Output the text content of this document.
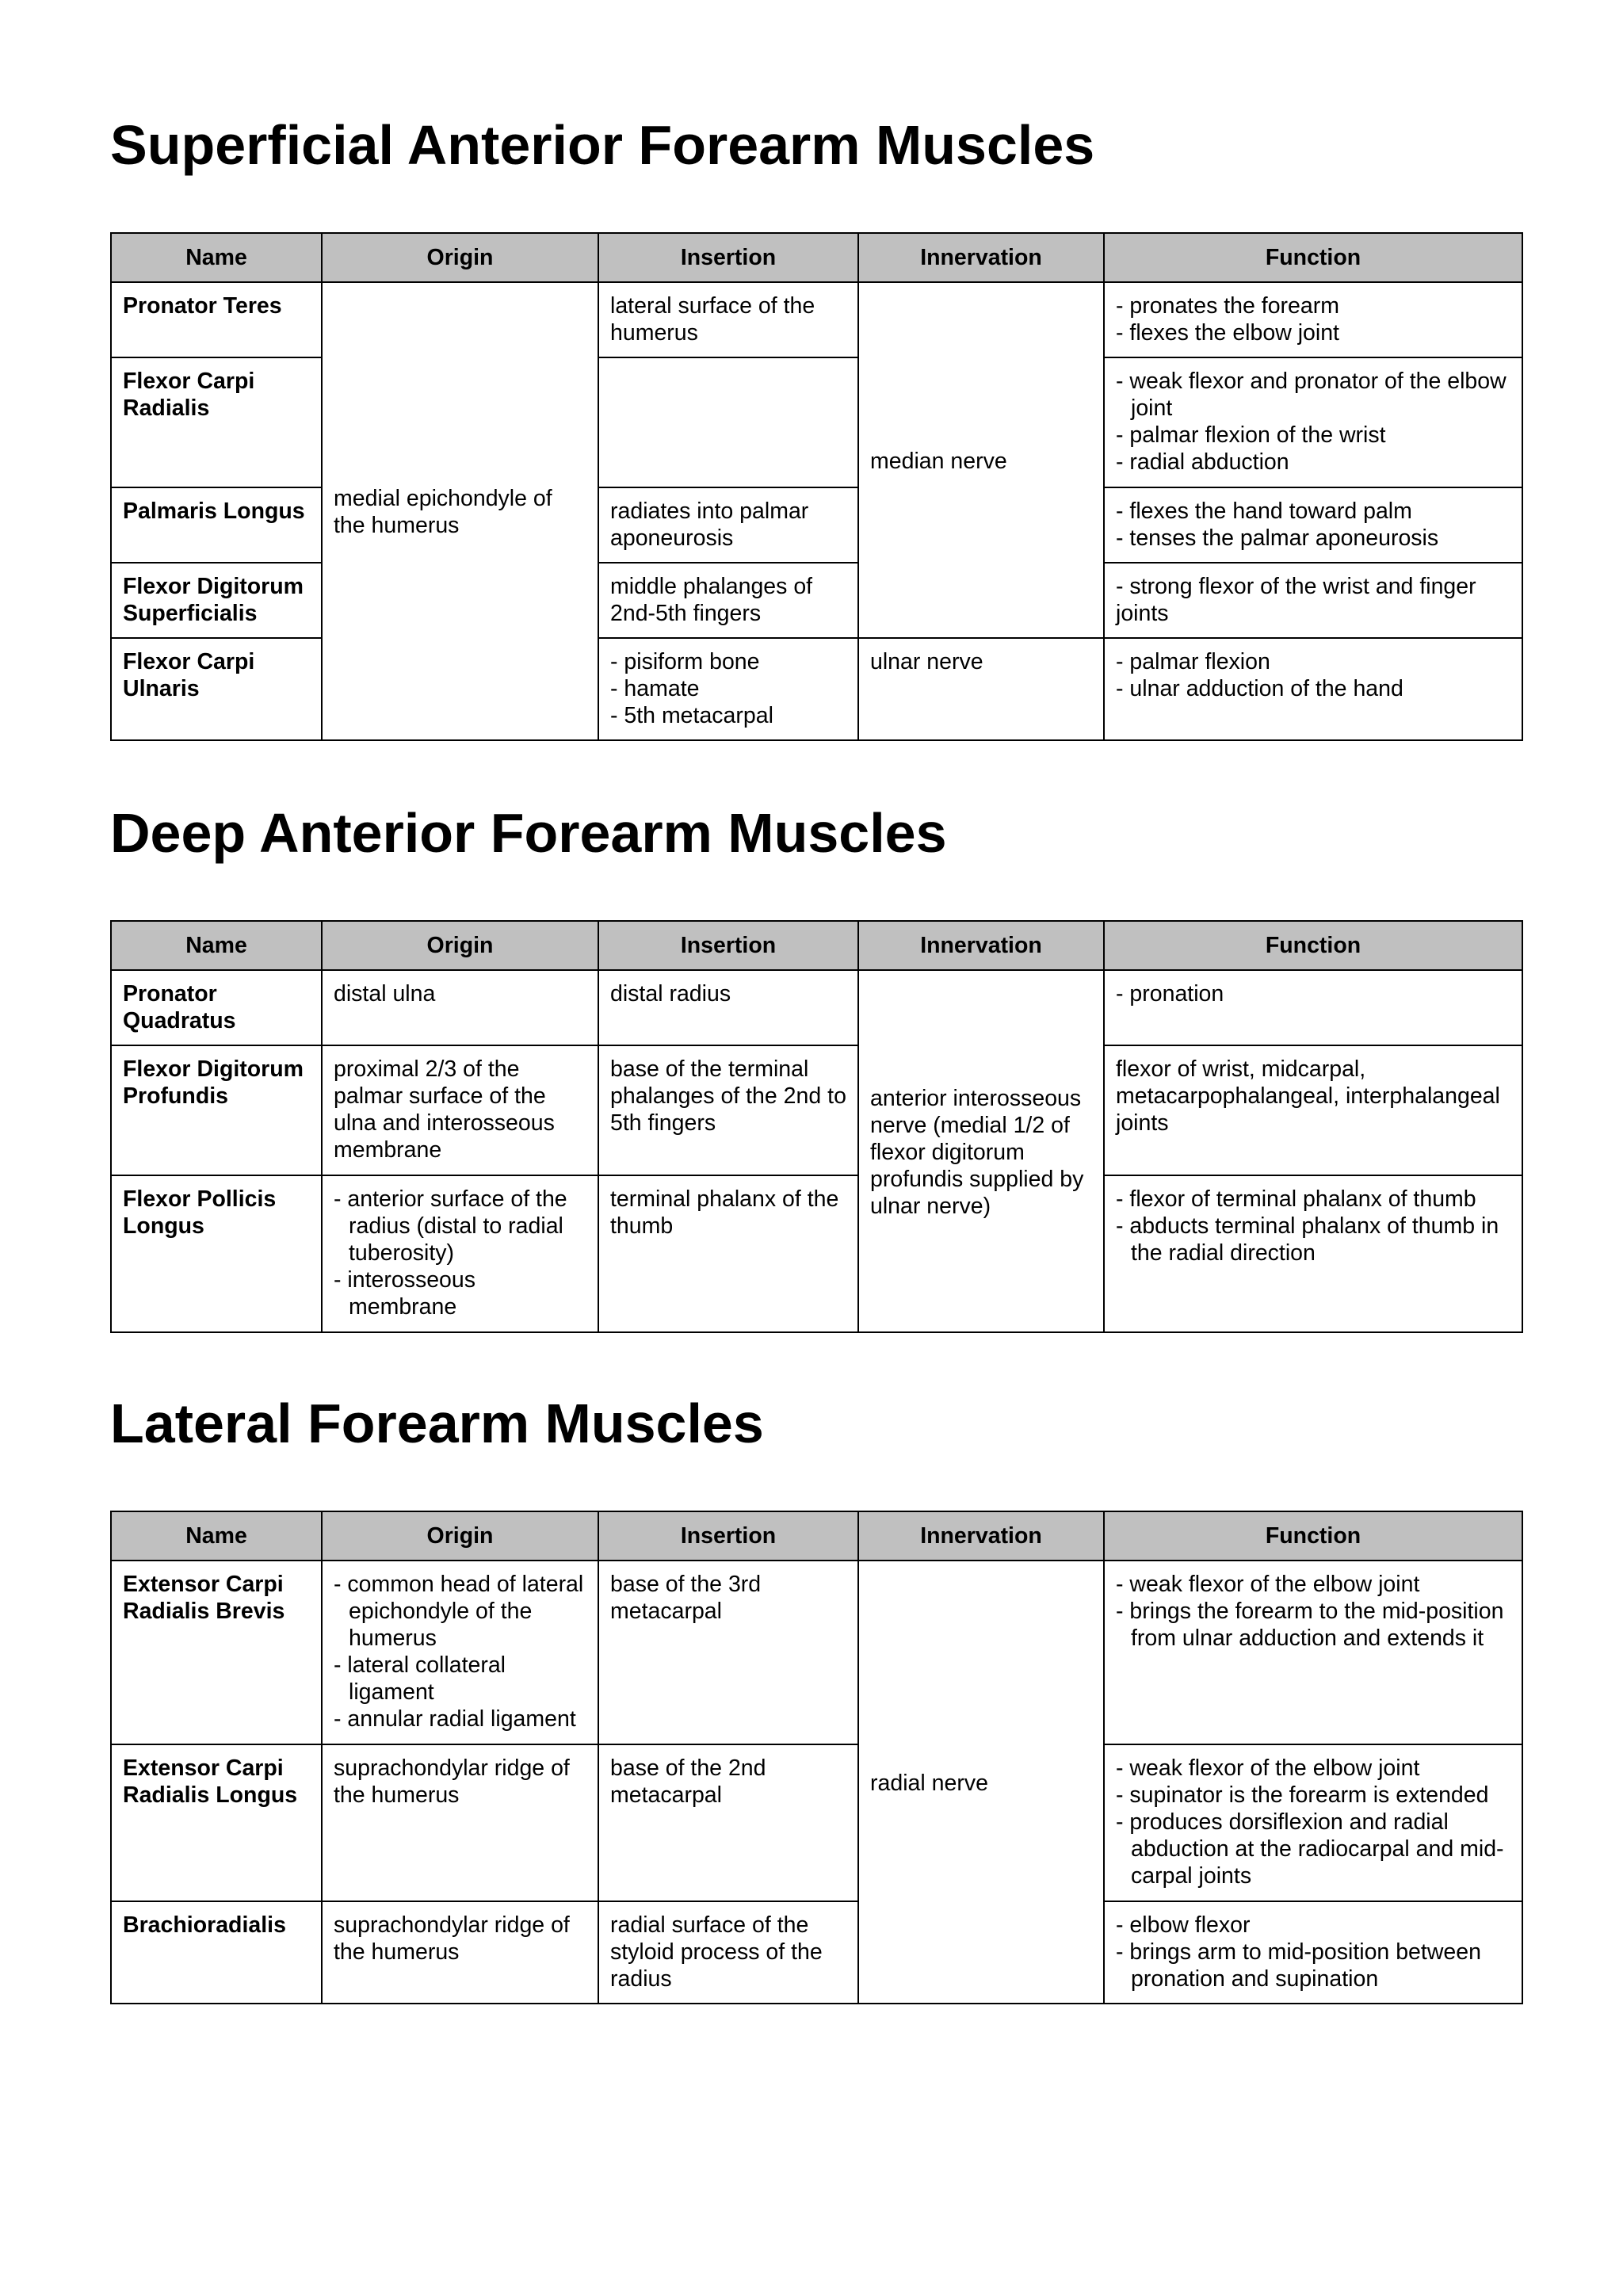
Superficial Anterior Forearm Muscles
Name	Origin	Insertion	Innervation	Function
Pronator Teres	medial epichondyle of the humerus	lateral surface of the humerus	median nerve	- pronates the forearm
- flexes the elbow joint

Flexor Carpi Radialis				- weak flexor and pronator of the elbow joint
- palmar flexion of the wrist
- radial abduction

Palmaris Longus		radiates into palmar aponeurosis		- flexes the hand toward palm
- tenses the palmar aponeurosis

Flexor Digitorum Superficialis		middle phalanges of 2nd-5th fingers		- strong flexor of the wrist and finger joints

Flexor Carpi Ulnaris		- pisiform bone
- hamate
- 5th metacarpal	ulnar nerve	- palmar flexion
- ulnar adduction of the hand
Deep Anterior Forearm Muscles
Name	Origin	Insertion	Innervation	Function
Pronator Quadratus	distal ulna	distal radius	anterior interosseous nerve (medial 1/2 of flexor digitorum profundis supplied by ulnar nerve)	- pronation
Flexor Digitorum Profundis	proximal 2/3 of the palmar surface of the ulna and interosseous membrane	base of the terminal phalanges of the 2nd to 5th fingers		flexor of wrist, midcarpal, metacarpophalangeal, interphalangeal joints
Flexor Pollicis Longus	- anterior surface of the radius (distal to radial tuberosity)
- interosseous membrane	terminal phalanx of the thumb		- flexor of terminal phalanx of thumb
- abducts terminal phalanx of thumb in the radial direction
Lateral Forearm Muscles
Name	Origin	Insertion	Innervation	Function
Extensor Carpi Radialis Brevis	- common head of lateral epichondyle of the humerus
- lateral collateral ligament
- annular radial ligament	base of the 3rd metacarpal	radial nerve	- weak flexor of the elbow joint
- brings the forearm to the mid-position from ulnar adduction and extends it

Extensor Carpi Radialis Longus	suprachondylar ridge of the humerus	base of the 2nd metacarpal		- weak flexor of the elbow joint
- supinator is the forearm is extended
- produces dorsiflexion and radial abduction at the radiocarpal and mid-carpal joints

Brachioradialis	suprachondylar ridge of the humerus	radial surface of the styloid process of the radius		- elbow flexor
- brings arm to mid-position between pronation and supination
